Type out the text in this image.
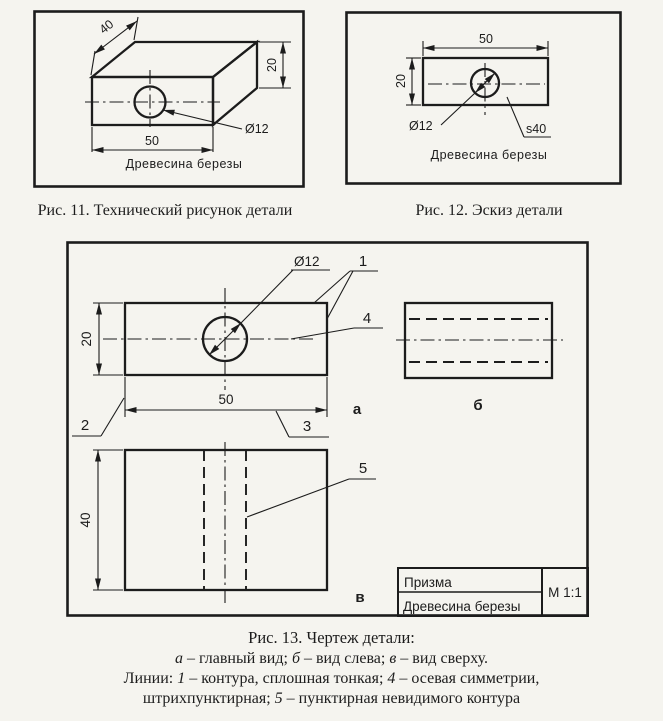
50
20
40
Ø12
Древесина березы
50
20
Ø12	s40
Древесина березы
Рис. 11. Технический рисунок детали	Рис. 12. Эскиз детали
20
50
Ø12	1
4
2	3
а	б
40
5
в
Призма
Древесина березы
М 1:1
Рис. 13. Чертеж детали:
а – главный вид; б – вид слева; в – вид сверху.
Линии: 1 – контура, сплошная тонкая; 4 – осевая симметрии,
штрихпунктирная; 5 – пунктирная невидимого контура
